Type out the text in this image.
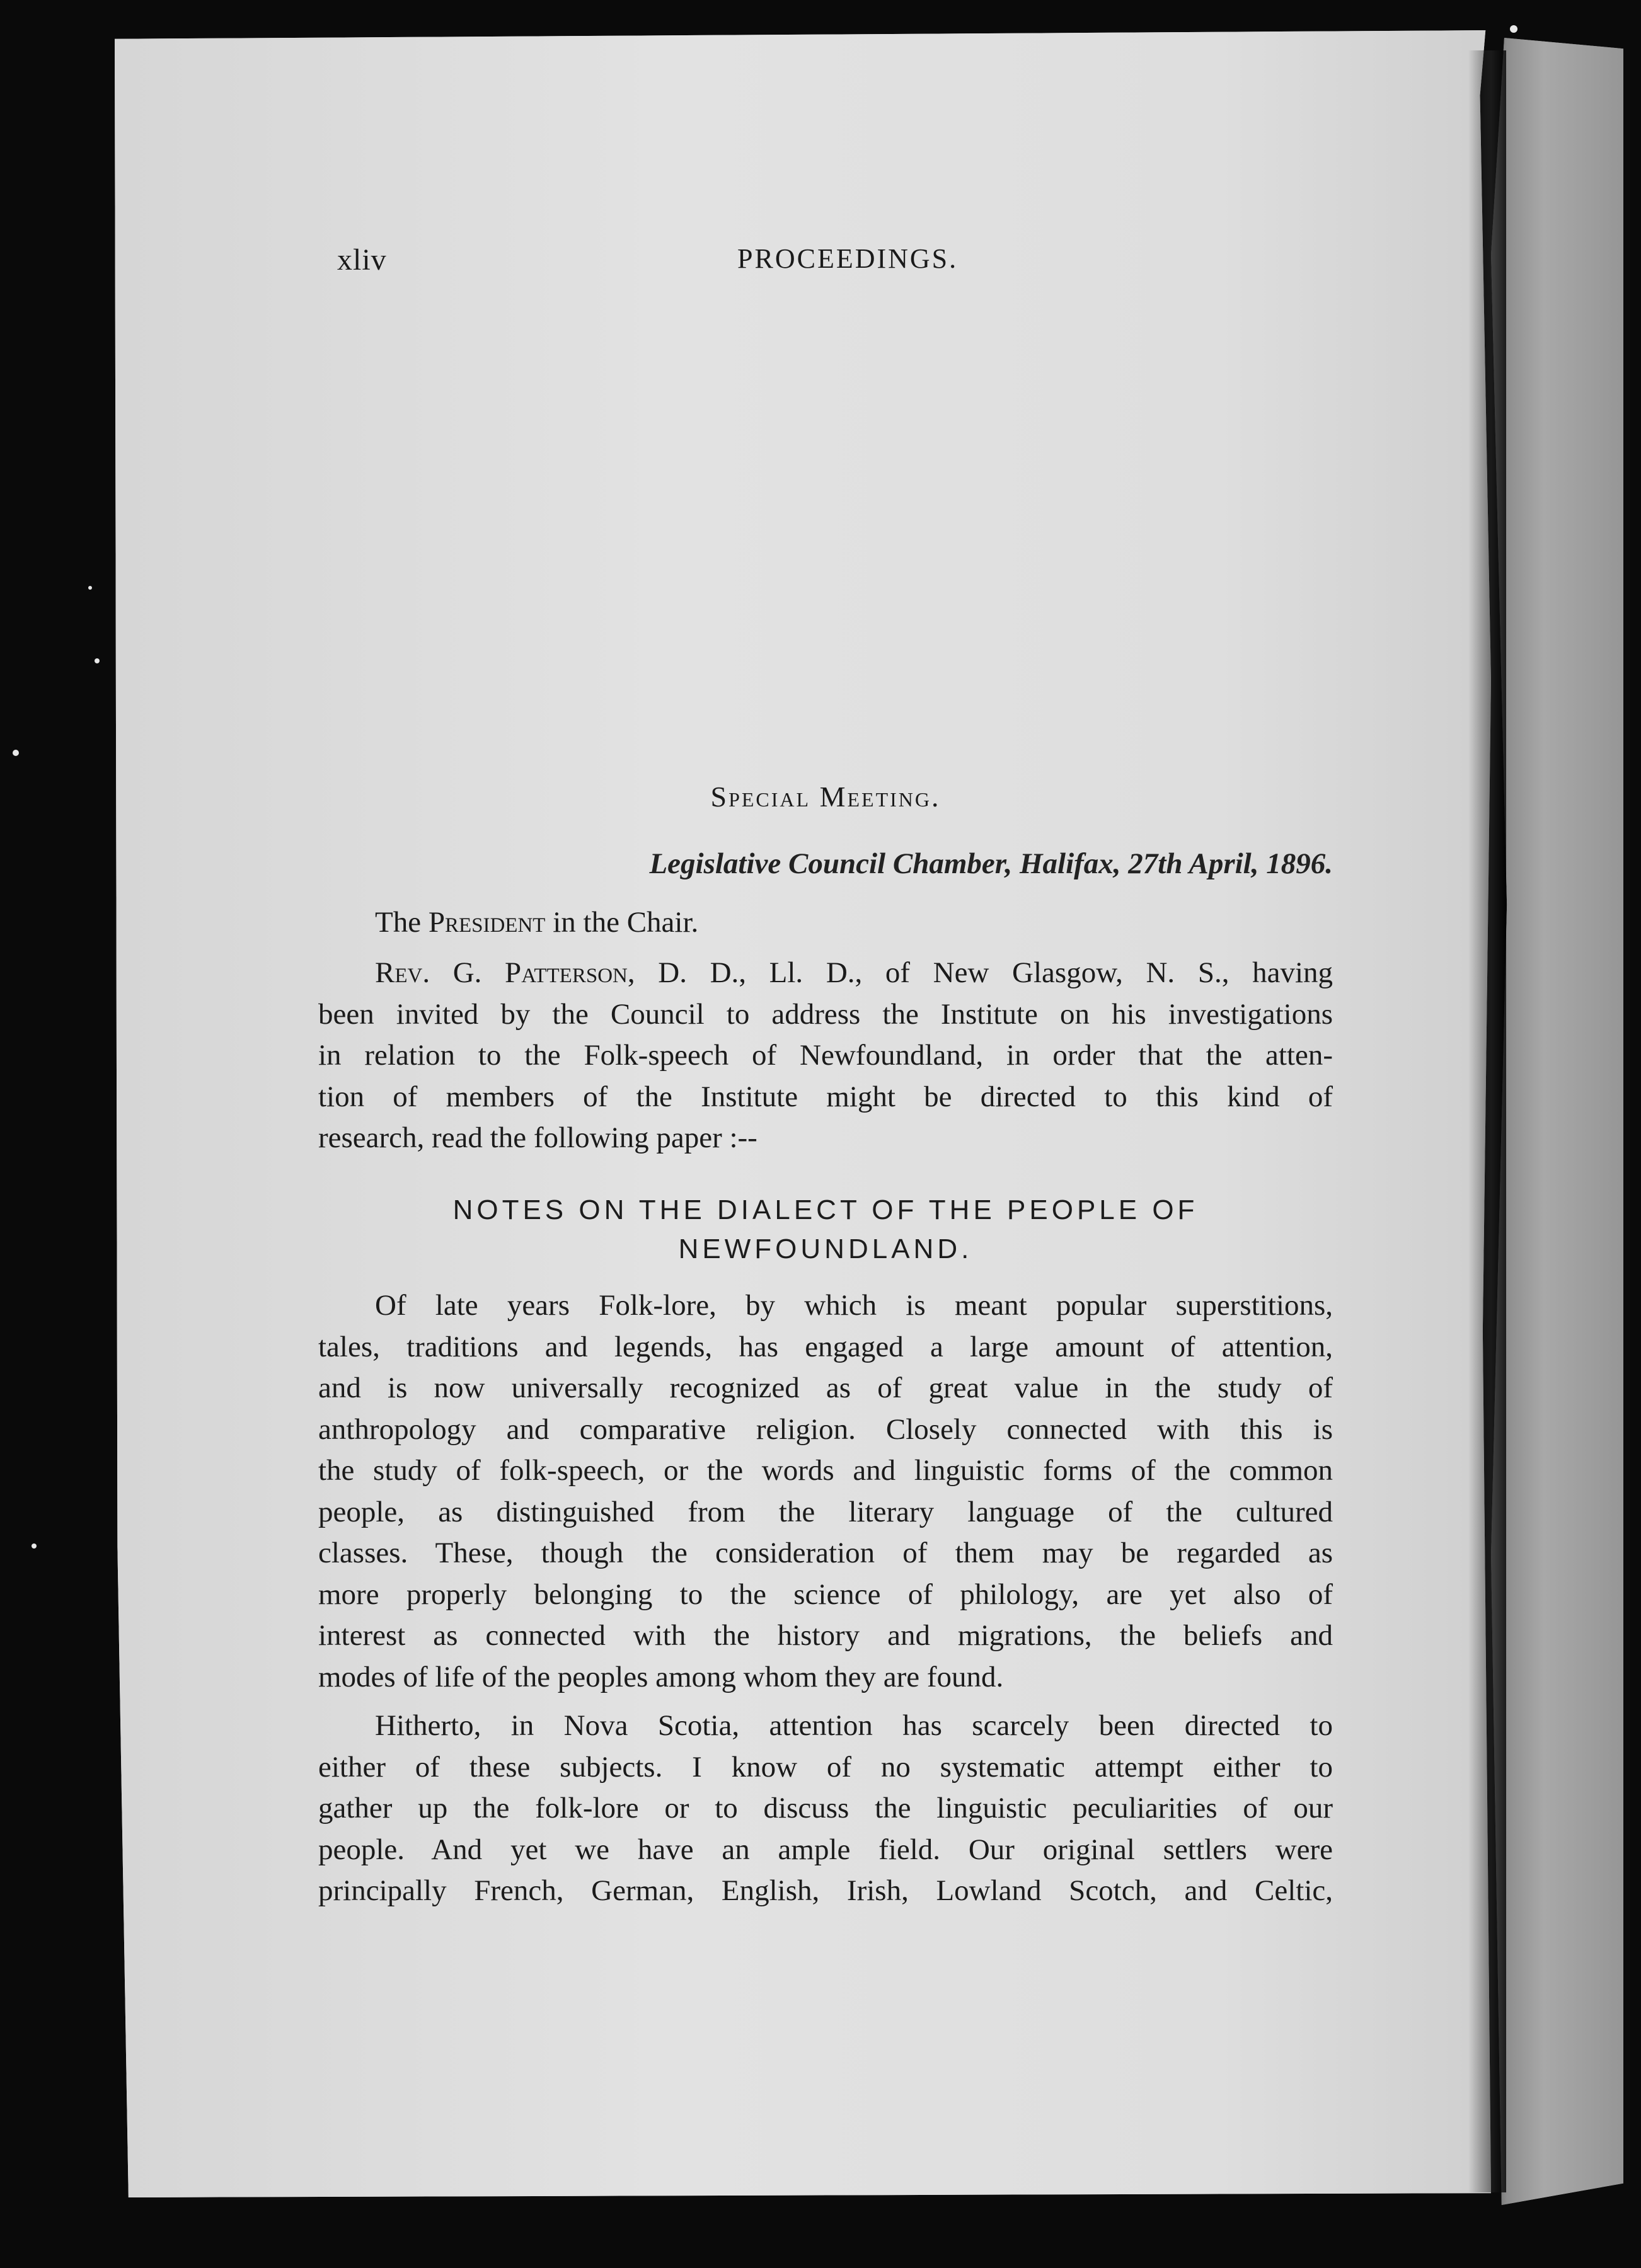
xliv	PROCEEDINGS.
Special Meeting.
Legislative Council Chamber, Halifax, 27th April, 1896.
The President in the Chair.
Rev. G. Patterson, D. D., Ll. D., of New Glasgow, N. S., having
been invited by the Council to address the Institute on his investigations
in relation to the Folk-speech of Newfoundland, in order that the atten-
tion of members of the Institute might be directed to this kind of
research, read the following paper :--
NOTES ON THE DIALECT OF THE PEOPLE OF
NEWFOUNDLAND.
Of late years Folk-lore, by which is meant popular superstitions,
tales, traditions and legends, has engaged a large amount of attention,
and is now universally recognized as of great value in the study of
anthropology and comparative religion. Closely connected with this is
the study of folk-speech, or the words and linguistic forms of the common
people, as distinguished from the literary language of the cultured
classes. These, though the consideration of them may be regarded as
more properly belonging to the science of philology, are yet also of
interest as connected with the history and migrations, the beliefs and
modes of life of the peoples among whom they are found.
Hitherto, in Nova Scotia, attention has scarcely been directed to
either of these subjects. I know of no systematic attempt either to
gather up the folk-lore or to discuss the linguistic peculiarities of our
people. And yet we have an ample field. Our original settlers were
principally French, German, English, Irish, Lowland Scotch, and Celtic,
